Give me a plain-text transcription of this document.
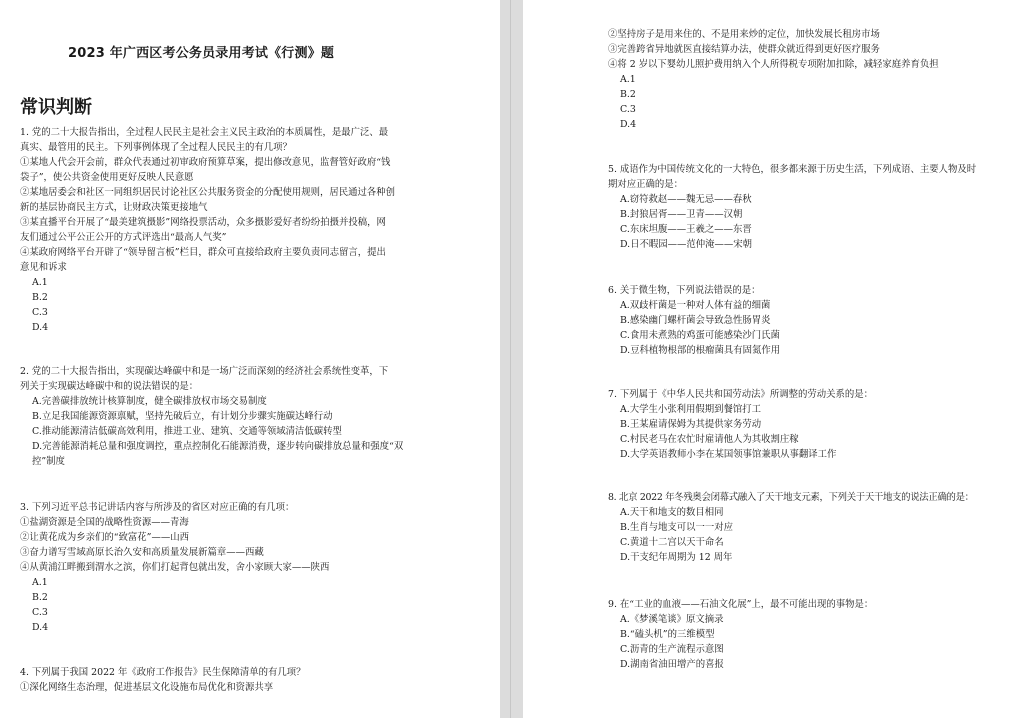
2023 年广西区考公务员录用考试《行测》题
常识判断

1. 党的二十大报告指出，全过程人民民主是社会主义民主政治的本质属性，是最广泛、最

真实、最管用的民主。下列事例体现了全过程人民民主的有几项？

①某地人代会开会前，群众代表通过初审政府预算草案，提出修改意见，监督管好政府“钱

袋子”，使公共资金使用更好反映人民意愿

②某地居委会和社区一同组织居民讨论社区公共服务资金的分配使用规则，居民通过各种创

新的基层协商民主方式，让财政决策更接地气

③某直播平台开展了“最美建筑摄影”网络投票活动，众多摄影爱好者纷纷拍摄并投稿，网

友们通过公平公正公开的方式评选出“最高人气奖”

④某政府网络平台开辟了“领导留言板”栏目，群众可直接给政府主要负责同志留言，提出

意见和诉求

A.1

B.2

C.3

D.4

2. 党的二十大报告指出，实现碳达峰碳中和是一场广泛而深刻的经济社会系统性变革，下

列关于实现碳达峰碳中和的说法错误的是：

A.完善碳排放统计核算制度，健全碳排放权市场交易制度

B.立足我国能源资源禀赋，坚持先破后立，有计划分步骤实施碳达峰行动

C.推动能源清洁低碳高效利用，推进工业、建筑、交通等领域清洁低碳转型

D.完善能源消耗总量和强度调控，重点控制化石能源消费，逐步转向碳排放总量和强度“双

控”制度

3. 下列习近平总书记讲话内容与所涉及的省区对应正确的有几项：

①盐湖资源是全国的战略性资源——青海

②让黄花成为乡亲们的“致富花”——山西

③奋力谱写雪域高原长治久安和高质量发展新篇章——西藏

④从黄浦江畔搬到渭水之滨，你们打起背包就出发，舍小家顾大家——陕西

A.1

B.2

C.3

D.4

4. 下列属于我国 2022 年《政府工作报告》民生保障清单的有几项？

①深化网络生态治理，促进基层文化设施布局优化和资源共享

②坚持房子是用来住的、不是用来炒的定位，加快发展长租房市场

③完善跨省异地就医直接结算办法，使群众就近得到更好医疗服务

④将 2 岁以下婴幼儿照护费用纳入个人所得税专项附加扣除，减轻家庭养育负担

A.1

B.2

C.3

D.4

5. 成语作为中国传统文化的一大特色，很多都来源于历史生活，下列成语、主要人物及时

期对应正确的是：

A.窃符救赵——魏无忌——春秋

B.封狼居胥——卫青——汉朝

C.东床坦腹——王羲之——东晋

D.日不暇园——范仲淹——宋朝

6. 关于微生物，下列说法错误的是：

A.双歧杆菌是一种对人体有益的细菌

B.感染幽门螺杆菌会导致急性肠胃炎

C.食用未煮熟的鸡蛋可能感染沙门氏菌

D.豆科植物根部的根瘤菌具有固氮作用

7. 下列属于《中华人民共和国劳动法》所调整的劳动关系的是：

A.大学生小张利用假期到餐馆打工

B.王某雇请保姆为其提供家务劳动

C.村民老马在农忙时雇请他人为其收割庄稼

D.大学英语教师小李在某国领事馆兼职从事翻译工作

8. 北京 2022 年冬残奥会闭幕式融入了天干地支元素，下列关于天干地支的说法正确的是：

A.天干和地支的数目相同

B.生肖与地支可以一一对应

C.黄道十二宫以天干命名

D.干支纪年周期为 12 周年

9. 在“工业的血液——石油文化展”上，最不可能出现的事物是：

A.《梦溪笔谈》原文摘录

B.“磕头机”的三维模型

C.沥青的生产流程示意图

D.湖南省油田增产的喜报
